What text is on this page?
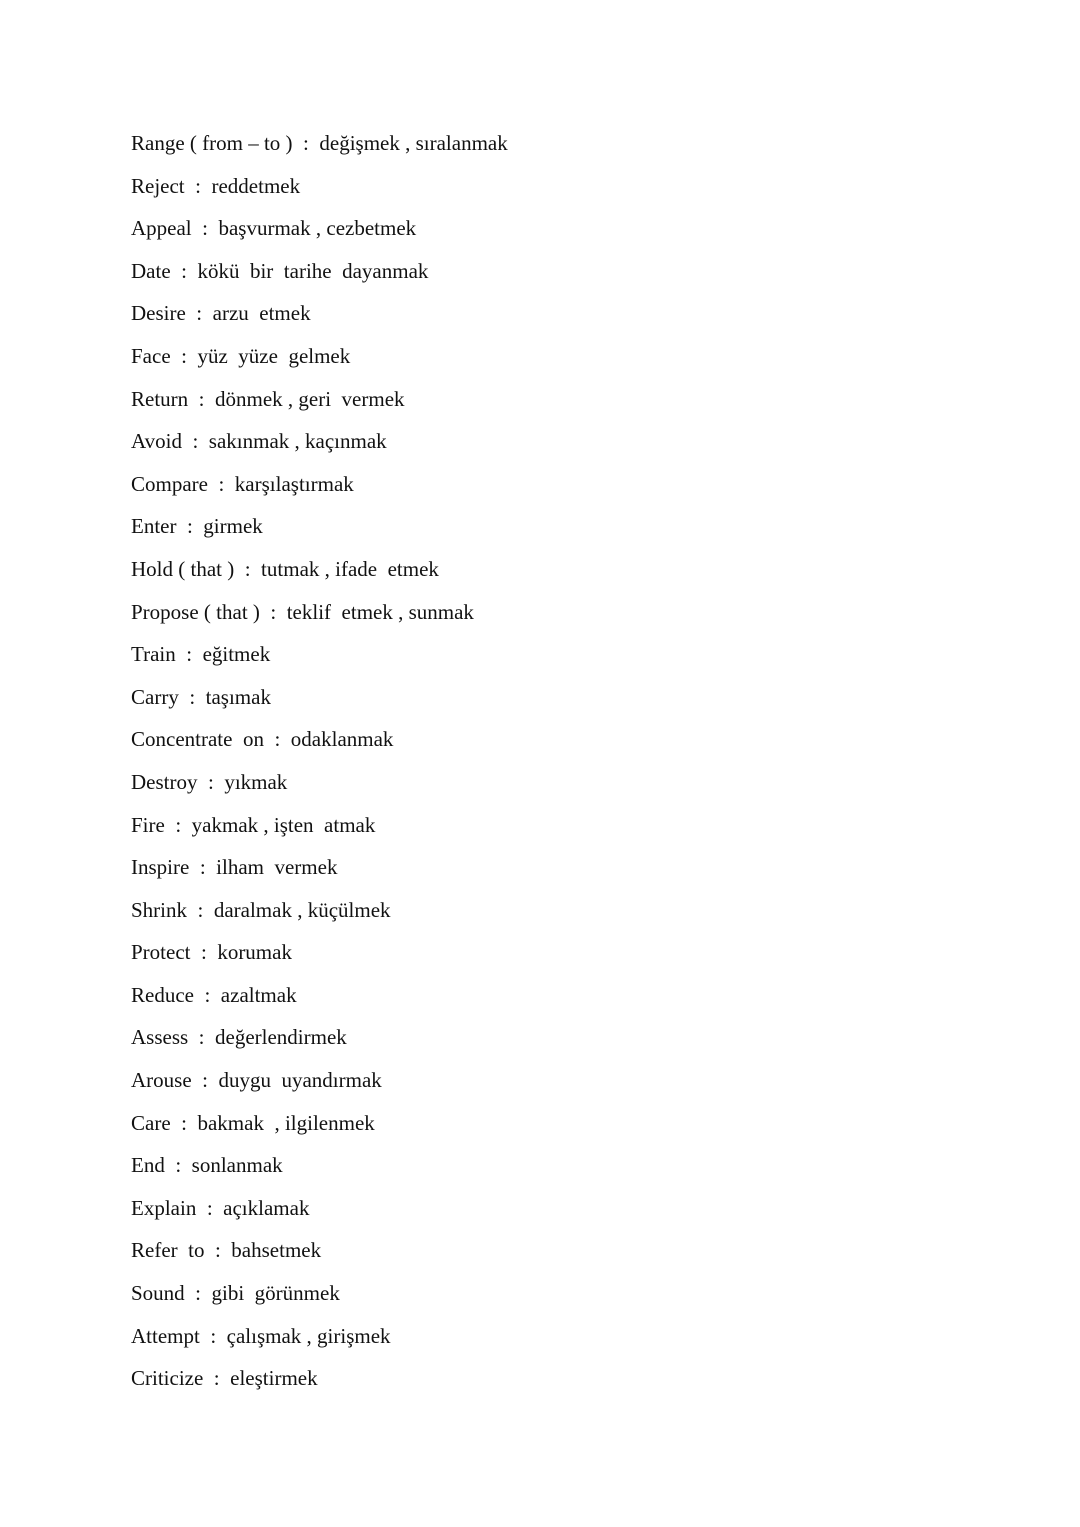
Range ( from – to )  :  değişmek , sıralanmak
Reject  :  reddetmek
Appeal  :  başvurmak , cezbetmek
Date  :  kökü  bir  tarihe  dayanmak
Desire  :  arzu  etmek
Face  :  yüz  yüze  gelmek
Return  :  dönmek , geri  vermek
Avoid  :  sakınmak , kaçınmak
Compare  :  karşılaştırmak
Enter  :  girmek
Hold ( that )  :  tutmak , ifade  etmek
Propose ( that )  :  teklif  etmek , sunmak
Train  :  eğitmek
Carry  :  taşımak
Concentrate  on  :  odaklanmak
Destroy  :  yıkmak
Fire  :  yakmak , işten  atmak
Inspire  :  ilham  vermek
Shrink  :  daralmak , küçülmek
Protect  :  korumak
Reduce  :  azaltmak
Assess  :  değerlendirmek
Arouse  :  duygu  uyandırmak
Care  :  bakmak  , ilgilenmek
End  :  sonlanmak
Explain  :  açıklamak
Refer  to  :  bahsetmek
Sound  :  gibi  görünmek
Attempt  :  çalışmak , girişmek
Criticize  :  eleştirmek
